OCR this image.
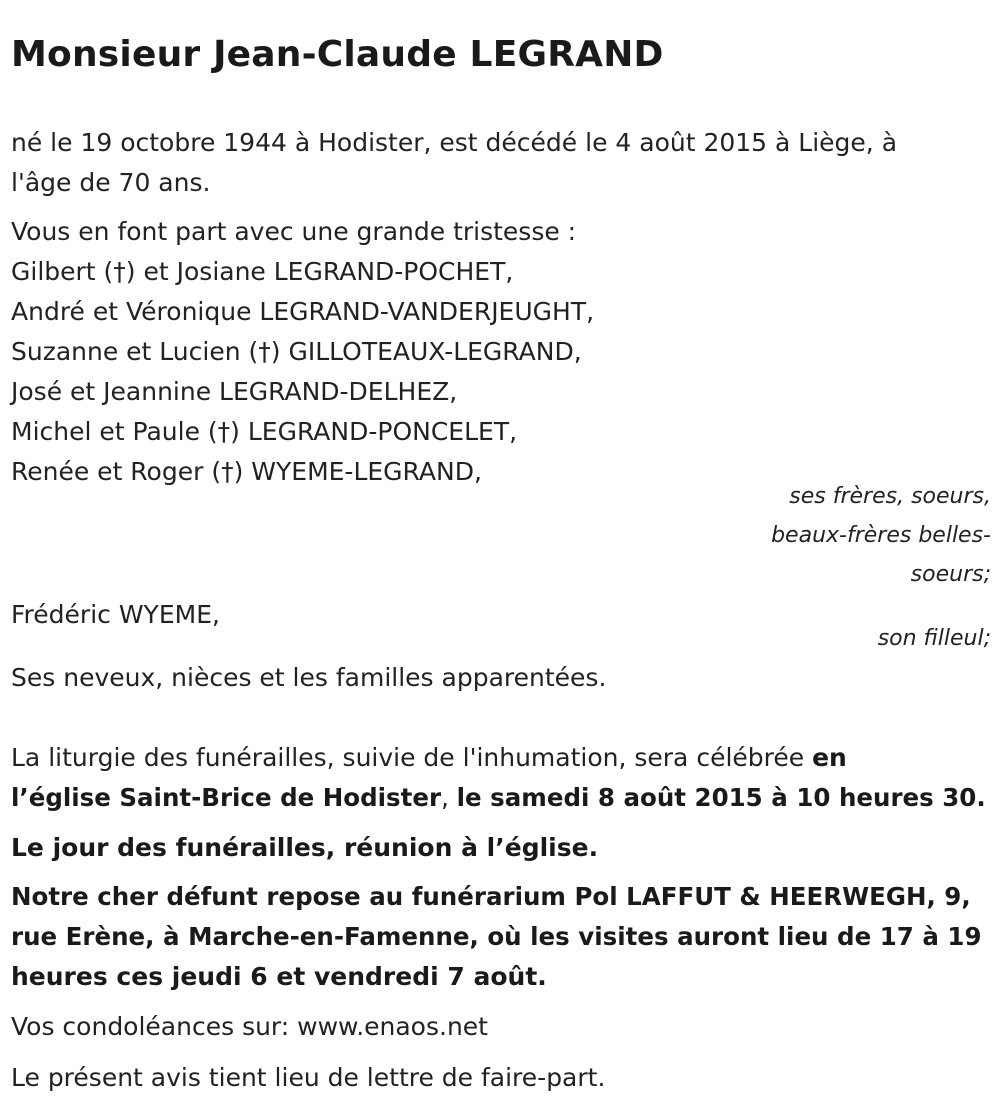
Monsieur Jean-Claude LEGRAND
né le 19 octobre 1944 à Hodister, est décédé le 4 août 2015 à Liège, à
l'âge de 70 ans.
Vous en font part avec une grande tristesse :
Gilbert (†) et Josiane LEGRAND-POCHET,
André et Véronique LEGRAND-VANDERJEUGHT,
Suzanne et Lucien (†) GILLOTEAUX-LEGRAND,
José et Jeannine LEGRAND-DELHEZ,
Michel et Paule (†) LEGRAND-PONCELET,
Renée et Roger (†) WYEME-LEGRAND,
ses frères, soeurs,
beaux-frères belles-
soeurs;
Frédéric WYEME,
son filleul;
Ses neveux, nièces et les familles apparentées.
La liturgie des funérailles, suivie de l'inhumation, sera célébrée en
l’église Saint-Brice de Hodister, le samedi 8 août 2015 à 10 heures 30.
Le jour des funérailles, réunion à l’église.
Notre cher défunt repose au funérarium Pol LAFFUT & HEERWEGH, 9,
rue Erène, à Marche-en-Famenne, où les visites auront lieu de 17 à 19
heures ces jeudi 6 et vendredi 7 août.
Vos condoléances sur: www.enaos.net
Le présent avis tient lieu de lettre de faire-part.
